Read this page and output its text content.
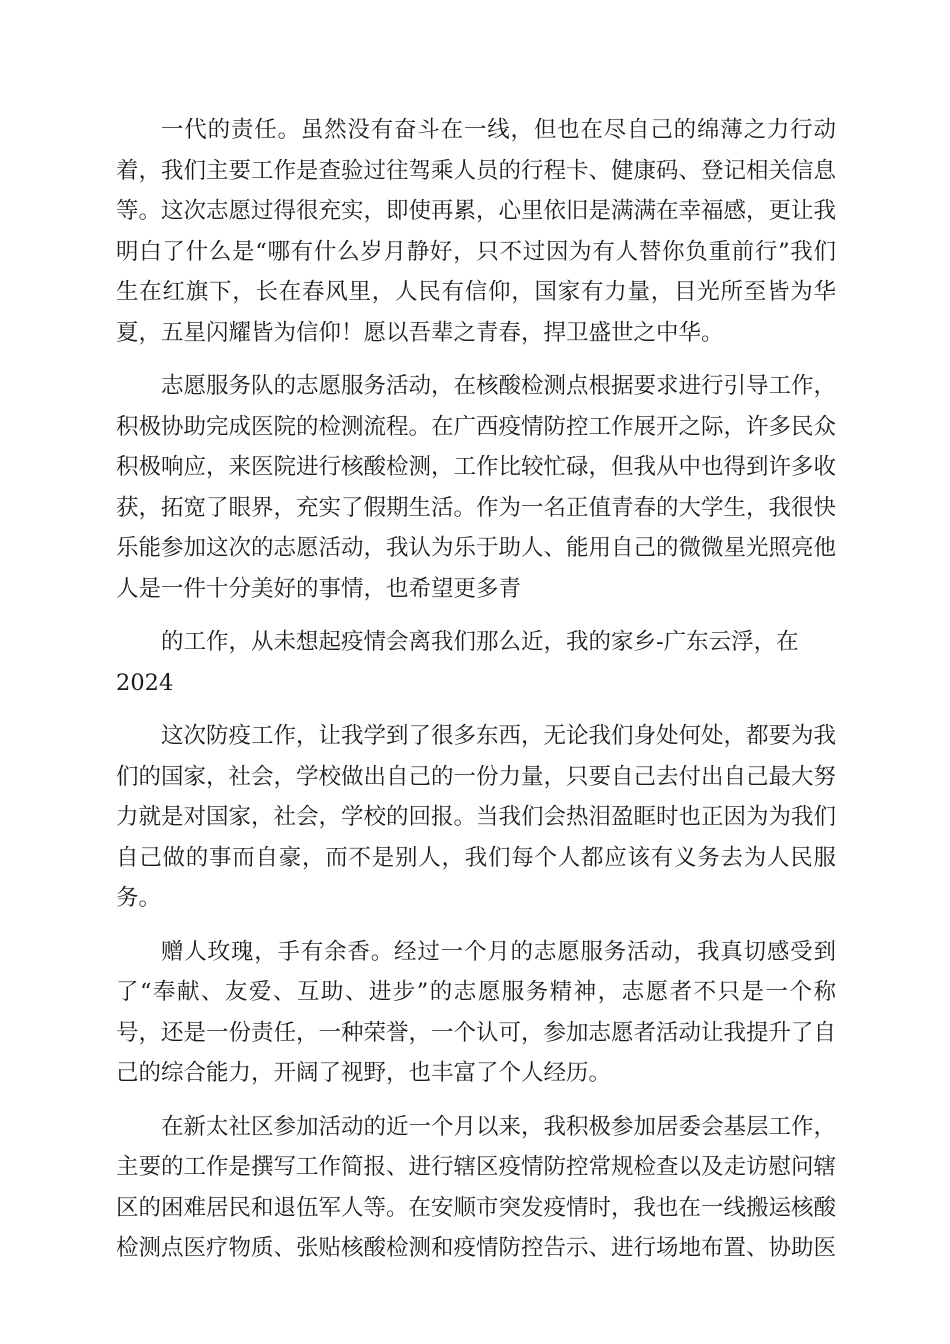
一代的责任。虽然没有奋斗在一线，但也在尽自己的绵薄之力行动着，我们主要工作是查验过往驾乘人员的行程卡、健康码、登记相关信息等。这次志愿过得很充实，即使再累，心里依旧是满满在幸福感，更让我明白了什么是“哪有什么岁月静好，只不过因为有人替你负重前行”我们生在红旗下，长在春风里，人民有信仰，国家有力量，目光所至皆为华夏，五星闪耀皆为信仰！愿以吾辈之青春，捍卫盛世之中华。

志愿服务队的志愿服务活动，在核酸检测点根据要求进行引导工作，积极协助完成医院的检测流程。在广西疫情防控工作展开之际，许多民众积极响应，来医院进行核酸检测，工作比较忙碌，但我从中也得到许多收获，拓宽了眼界，充实了假期生活。作为一名正值青春的大学生，我很快乐能参加这次的志愿活动，我认为乐于助人、能用自己的微微星光照亮他人是一件十分美好的事情，也希望更多青

的工作，从未想起疫情会离我们那么近，我的家乡-广东云浮，在

2024

这次防疫工作，让我学到了很多东西，无论我们身处何处，都要为我们的国家，社会，学校做出自己的一份力量，只要自己去付出自己最大努力就是对国家，社会，学校的回报。当我们会热泪盈眶时也正因为为我们自己做的事而自豪，而不是别人，我们每个人都应该有义务去为人民服务。

赠人玫瑰，手有余香。经过一个月的志愿服务活动，我真切感受到了“奉献、友爱、互助、进步”的志愿服务精神，志愿者不只是一个称号，还是一份责任，一种荣誉，一个认可，参加志愿者活动让我提升了自己的综合能力，开阔了视野，也丰富了个人经历。

在新太社区参加活动的近一个月以来，我积极参加居委会基层工作，主要的工作是撰写工作简报、进行辖区疫情防控常规检查以及走访慰问辖区的困难居民和退伍军人等。在安顺市突发疫情时，我也在一线搬运核酸检测点医疗物质、张贴核酸检测和疫情防控告示、进行场地布置、协助医
